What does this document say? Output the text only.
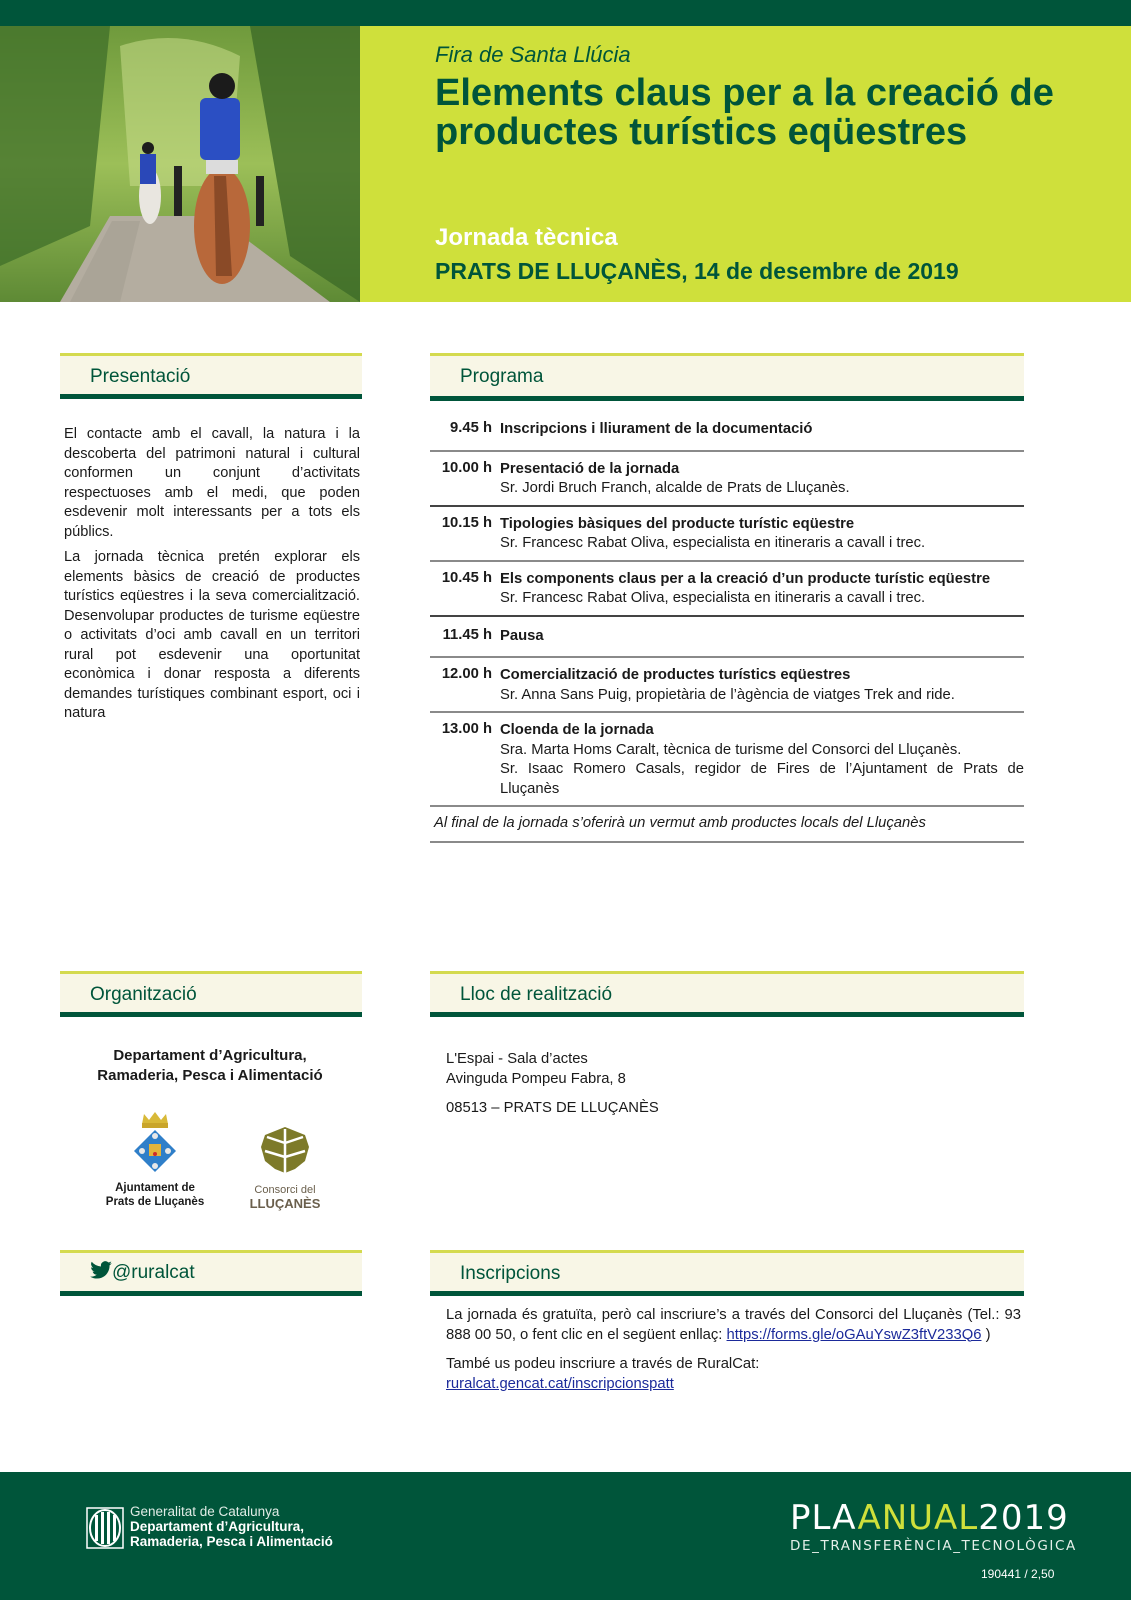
Fira de Santa Llúcia
Elements claus per a la creació de productes turístics eqüestres
Jornada tècnica
PRATS DE LLUÇANÈS, 14 de desembre de 2019
Presentació

El contacte amb el cavall, la natura i la descoberta del patrimoni natural i cultural conformen un conjunt d’activitats respectuoses amb el medi, que poden esdevenir molt interessants per a tots els públics.

La jornada tècnica pretén explorar els elements bàsics de creació de productes turístics eqüestres i la seva comercialització. Desenvolupar productes de turisme eqüestre o activitats d’oci amb cavall en un territori rural pot esdevenir una oportunitat econòmica i donar resposta a diferents demandes turístiques combinant esport, oci i natura

Programa
9.45 h Inscripcions i lliurament de la documentació
10.00 h Presentació de la jornada
Sr. Jordi Bruch Franch, alcalde de Prats de Lluçanès.
10.15 h Tipologies bàsiques del producte turístic eqüestre
Sr. Francesc Rabat Oliva, especialista en itineraris a cavall i trec.
10.45 h Els components claus per a la creació d’un producte turístic eqüestre
Sr. Francesc Rabat Oliva, especialista en itineraris a cavall i trec.
11.45 h Pausa
12.00 h Comercialització de productes turístics eqüestres
Sr. Anna Sans Puig, propietària de l’àgència de viatges Trek and ride.
13.00 h Cloenda de la jornada
Sra. Marta Homs Caralt, tècnica de turisme del Consorci del Lluçanès.
Sr. Isaac Romero Casals, regidor de Fires de l’Ajuntament de Prats de Lluçanès
Al final de la jornada s’oferirà un vermut amb productes locals del Lluçanès
Organització
Departament d’Agricultura,
Ramaderia, Pesca i Alimentació
Ajuntament de
Prats de Lluçanès
Consorci del
LLUÇANÈS
Lloc de realització
L'Espai - Sala d’actes
Avinguda Pompeu Fabra, 8
08513 – PRATS DE LLUÇANÈS
@ruralcat	Inscripcions

La jornada és gratuïta, però cal inscriure’s a través del Consorci del Lluçanès (Tel.: 93 888 00 50, o fent clic en el següent enllaç: https://forms.gle/oGAuYswZ3ftV233Q6 )

També us podeu inscriure a través de RuralCat:
ruralcat.gencat.cat/inscripcionspatt

Generalitat de Catalunya
Departament d’Agricultura,
Ramaderia, Pesca i Alimentació
PLAANUAL2019
DE_TRANSFERÈNCIA_TECNOLÒGICA
190441 / 2,50
